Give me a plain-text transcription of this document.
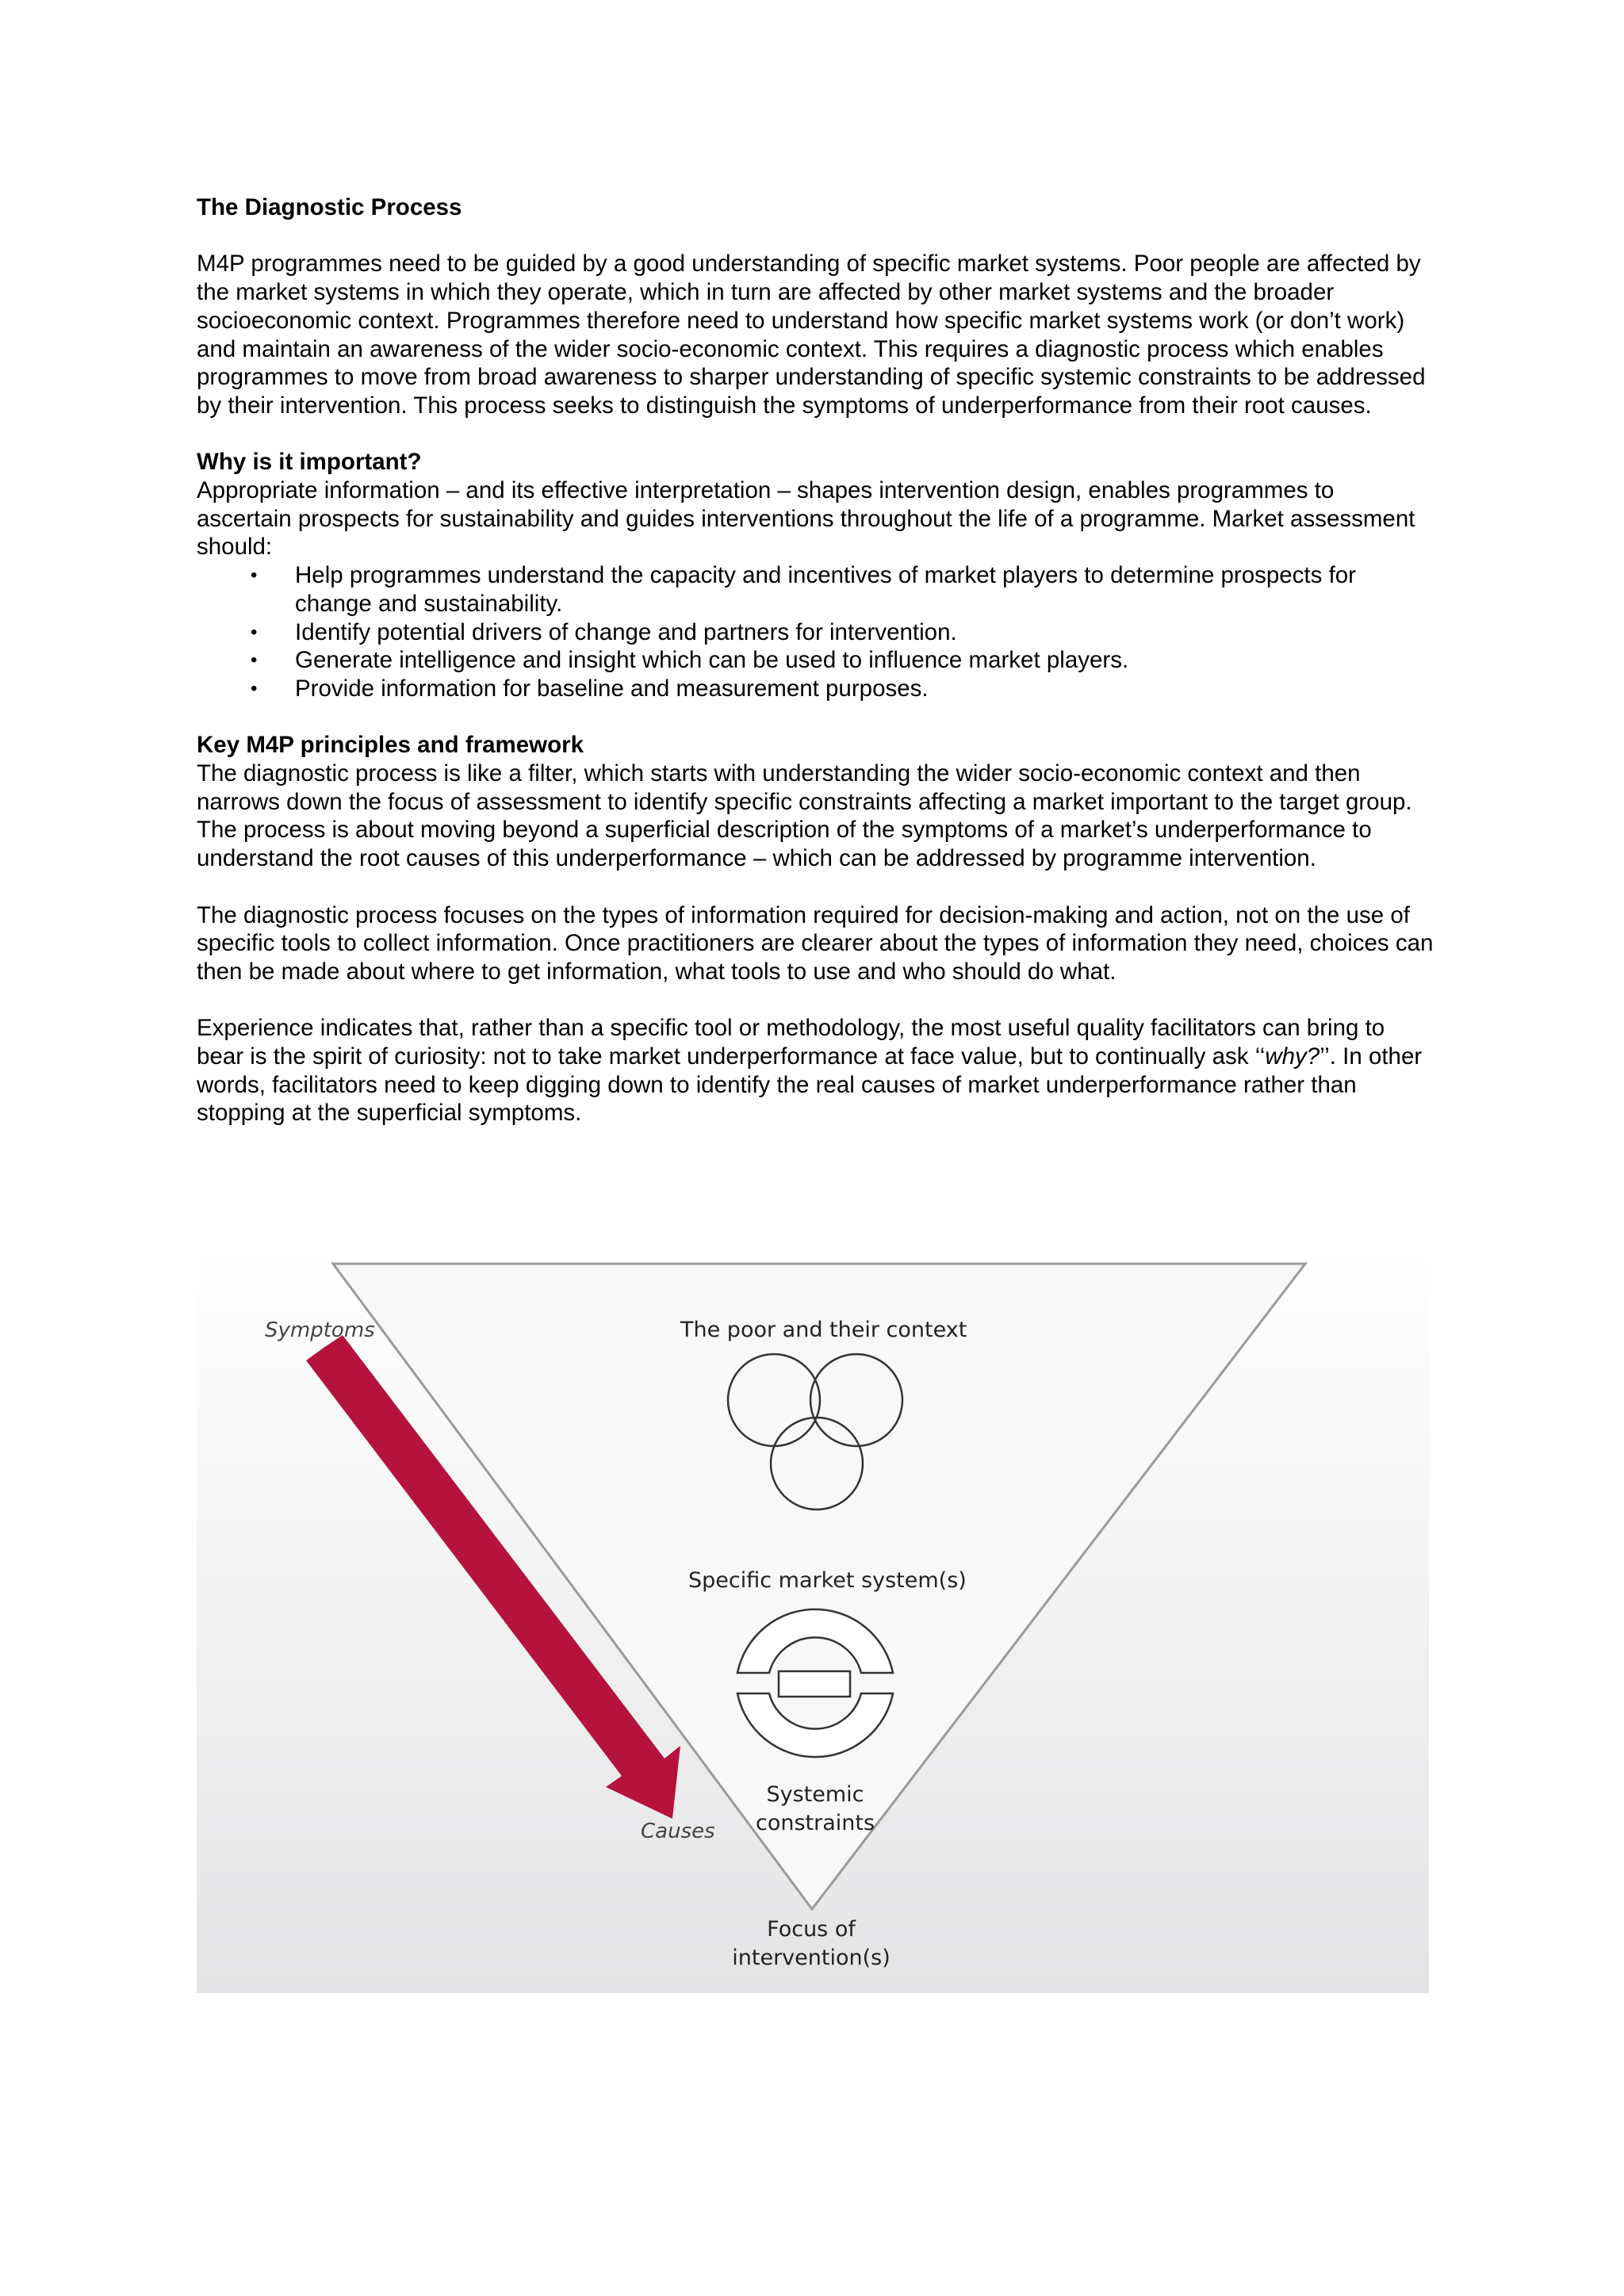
The Diagnostic Process

M4P programmes need to be guided by a good understanding of specific market systems. Poor people are affected by the market systems in which they operate, which in turn are affected by other market systems and the broader socioeconomic context. Programmes therefore need to understand how specific market systems work (or don’t work) and maintain an awareness of the wider socio-economic context. This requires a diagnostic process which enables programmes to move from broad awareness to sharper understanding of specific systemic constraints to be addressed by their intervention. This process seeks to distinguish the symptoms of underperformance from their root causes.

Why is it important?

Appropriate information – and its effective interpretation – shapes intervention design, enables programmes to ascertain prospects for sustainability and guides interventions throughout the life of a programme. Market assessment should:

• Help programmes understand the capacity and incentives of market players to determine prospects for change and sustainability.
• Identify potential drivers of change and partners for intervention.
• Generate intelligence and insight which can be used to influence market players.
• Provide information for baseline and measurement purposes.
Key M4P principles and framework

The diagnostic process is like a filter, which starts with understanding the wider socio-economic context and then narrows down the focus of assessment to identify specific constraints affecting a market important to the target group. The process is about moving beyond a superficial description of the symptoms of a market’s underperformance to understand the root causes of this underperformance – which can be addressed by programme intervention.

The diagnostic process focuses on the types of information required for decision-making and action, not on the use of specific tools to collect information. Once practitioners are clearer about the types of information they need, choices can then be made about where to get information, what tools to use and who should do what.

Experience indicates that, rather than a specific tool or methodology, the most useful quality facilitators can bring to bear is the spirit of curiosity: not to take market underperformance at face value, but to continually ask ‘‘why?’’. In other words, facilitators need to keep digging down to identify the real causes of market underperformance rather than stopping at the superficial symptoms.

Symptoms	The poor and their context
Specific market system(s)
Systemic
constraints
Causes
Focus of
intervention(s)
